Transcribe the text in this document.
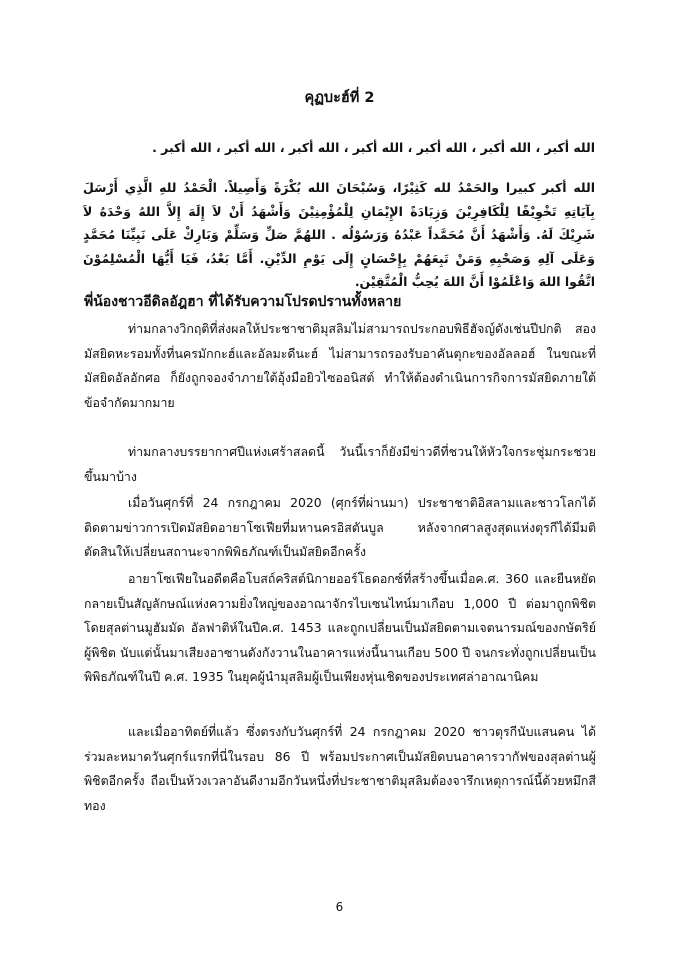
คุฏบะฮ์ที่ 2
الله أكبر ، الله أكبر ، الله أكبر ، الله أكبر ، الله أكبر ، الله أكبر ، الله أكبر .
الله أكبر كبيرا والحَمْدُ لله كَثِيْرًا، وَسُبْحَانَ الله بُكْرَةً وَأَصِيلاً. الْحَمْدُ للهِ الَّذِي أَرْسَلَ بِآيَاتِهِ تَخْوِيْفًا لِلْكَافِرِيْنَ وَزِيَادَةً الإِيْمَانِ لِلْمُؤْمِنِيْنَ وَأَشْهَدُ أَنْ لاَ إِلَهَ إِلاَّ اللهُ وَحْدَهُ لاَ شَرِيْكَ لَهُ. وَأَشْهَدُ أَنَّ مُحَمَّداً عَبْدُهُ وَرَسُوْلُه . اللهُمَّ صَلِّ وَسَلِّمْ وَبَارِكْ عَلَى نَبِيِّنَا مُحَمَّدٍ وَعَلَى آلِهِ وَصَحْبِهِ وَمَنْ تَبِعَهُمْ بِإِحْسَانٍ إِلَى يَوْمِ الدِّيْنِ. أَمَّا بَعْدُ، فَيَا أَيُّهَا الْمُسْلِمُوْنَ اتَّقُوا اللهَ وَاعْلَمُوْا أَنَّ اللهَ يُحِبُّ الْمُتَّقِيْن.
พี่น้องชาวอีดิลอัฎฮา ที่ได้รับความโปรดปรานทั้งหลาย

ท่ามกลางวิกฤติที่ส่งผลให้ประชาชาติมุสลิมไม่สามารถประกอบพิธีฮัจญ์ดังเช่นปีปกติ สองมัสยิดหะรอมทั้งที่นครมักกะฮ์และอัลมะดีนะฮ์ ไม่สามารถรองรับอาคันตุกะของอัลลอฮ์ ในขณะที่มัสยิดอัลอักศอ ก็ยังถูกจองจำภายใต้อุ้งมือยิวไซออนิสต์ ทำให้ต้องดำเนินการกิจการมัสยิดภายใต้ข้อจำกัดมากมาย

ท่ามกลางบรรยากาศปีแห่งเศร้าสลดนี้ วันนี้เราก็ยังมีข่าวดีที่ชวนให้หัวใจกระชุ่มกระชวยขึ้นมาบ้าง

เมื่อวันศุกร์ที่ 24 กรกฎาคม 2020 (ศุกร์ที่ผ่านมา) ประชาชาติอิสลามและชาวโลกได้ติดตามข่าวการเปิดมัสยิดอายาโซเฟียที่มหานครอิสตันบูล หลังจากศาลสูงสุดแห่งตุรกีได้มีมติตัดสินให้เปลี่ยนสถานะจากพิพิธภัณฑ์เป็นมัสยิดอีกครั้ง

อายาโซเฟียในอดีตคือโบสถ์คริสต์นิกายออร์โธดอกซ์ที่สร้างขึ้นเมื่อค.ศ. 360 และยืนหยัดกลายเป็นสัญลักษณ์แห่งความยิ่งใหญ่ของอาณาจักรไบเซนไทน์มาเกือบ 1,000 ปี ต่อมาถูกพิชิตโดยสุลต่านมูฮัมมัด อัลฟาติห์ในปีค.ศ. 1453 และถูกเปลี่ยนเป็นมัสยิดตามเจตนารมณ์ของกษัตริย์ผู้พิชิต นับแต่นั้นมาเสียงอาซานดังกังวานในอาคารแห่งนี้นานเกือบ 500 ปี จนกระทั่งถูกเปลี่ยนเป็นพิพิธภัณฑ์ในปี ค.ศ. 1935 ในยุคผู้นำมุสลิมผู้เป็นเพียงหุ่นเชิดของประเทศล่าอาณานิคม

และเมื่ออาทิตย์ที่แล้ว ซึ่งตรงกับวันศุกร์ที่ 24 กรกฎาคม 2020 ชาวตุรกีนับแสนคน ได้ร่วมละหมาดวันศุกร์แรกที่นี่ในรอบ 86 ปี พร้อมประกาศเป็นมัสยิดบนอาคารวากัฟของสุลต่านผู้พิชิตอีกครั้ง ถือเป็นห้วงเวลาอันดีงามอีกวันหนึ่งที่ประชาชาติมุสลิมต้องจารึกเหตุการณ์นี้ด้วยหมึกสีทอง

6
